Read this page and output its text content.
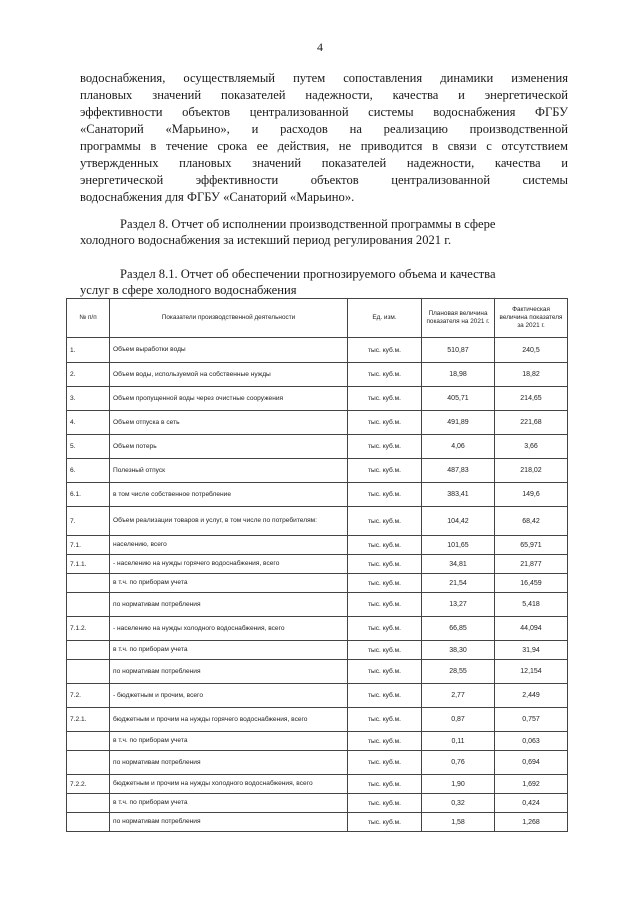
4
водоснабжения, осуществляемый путем сопоставления динамики изменения
плановых значений показателей надежности, качества и энергетической
эффективности объектов централизованной системы водоснабжения ФГБУ
«Санаторий «Марьино», и расходов на реализацию производственной
программы в течение срока ее действия, не приводится в связи с отсутствием
утвержденных плановых значений показателей надежности, качества и
энергетической эффективности объектов централизованной системы
водоснабжения для ФГБУ «Санаторий «Марьино».
Раздел 8. Отчет об исполнении производственной программы в сфере
холодного водоснабжения за истекший период регулирования 2021 г.
Раздел 8.1. Отчет об обеспечении прогнозируемого объема и качества
услуг в сфере холодного водоснабжения
№ п/п	Показатели производственной деятельности	Ед. изм.	Плановая величина показателя на 2021 г.	Фактическая величина показателя за 2021 г.
1.	Объем выработки воды	тыс. куб.м.	510,87	240,5
2.	Объем воды, используемой на собственные нужды	тыс. куб.м.	18,98	18,82
3.	Объем пропущенной воды через очистные сооружения	тыс. куб.м.	405,71	214,65
4.	Объем отпуска в сеть	тыс. куб.м.	491,89	221,68
5.	Объем потерь	тыс. куб.м.	4,06	3,66
6.	Полезный отпуск	тыс. куб.м.	487,83	218,02
6.1.	в том числе собственное потребление	тыс. куб.м.	383,41	149,6
7.	Объем реализации товаров и услуг, в том числе по потребителям:	тыс. куб.м.	104,42	68,42
7.1.	населению, всего	тыс. куб.м.	101,65	65,971
7.1.1.	- населению на нужды горячего водоснабжения, всего	тыс. куб.м.	34,81	21,877
	в т.ч. по приборам учета	тыс. куб.м.	21,54	16,459
	по нормативам потребления	тыс. куб.м.	13,27	5,418
7.1.2.	- населению на нужды холодного водоснабжения, всего	тыс. куб.м.	66,85	44,094
	в т.ч. по приборам учета	тыс. куб.м.	38,30	31,94
	по нормативам потребления	тыс. куб.м.	28,55	12,154
7.2.	- бюджетным и прочим, всего	тыс. куб.м.	2,77	2,449
7.2.1.	бюджетным и прочим на нужды горячего водоснабжения, всего	тыс. куб.м.	0,87	0,757
	в т.ч. по приборам учета	тыс. куб.м.	0,11	0,063
	по нормативам потребления	тыс. куб.м.	0,76	0,694
7.2.2.	бюджетным и прочим на нужды холодного водоснабжения, всего	тыс. куб.м.	1,90	1,692
	в т.ч. по приборам учета	тыс. куб.м.	0,32	0,424
	по нормативам потребления	тыс. куб.м.	1,58	1,268
